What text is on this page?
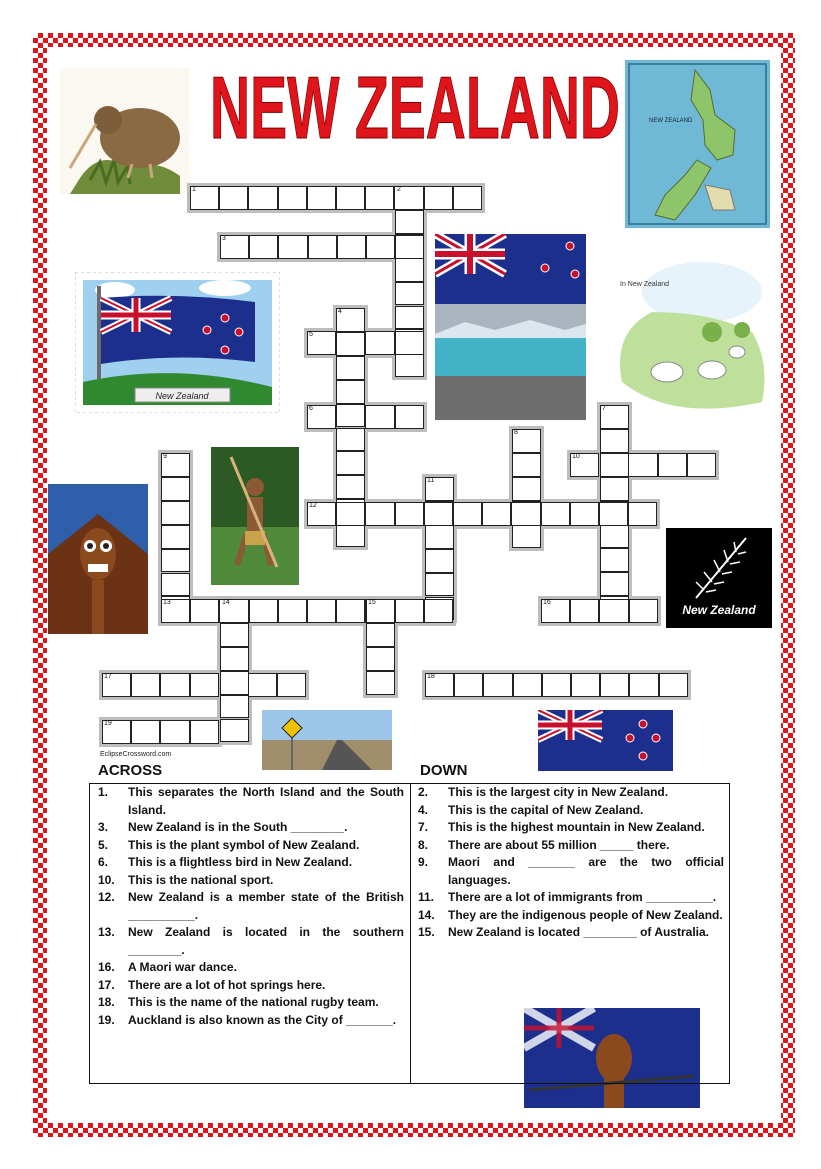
NEW ZEALAND	NEW ZEALAND
New Zealand
In New Zealand
New Zealand
1	2
3
4
5
6	7
8
9	10
11
12
13	14	15	16
17	18
19
EclipseCrossword.com
ACROSS	DOWN
1.	This separates the North Island and the South Island.
3.	New Zealand is in the South ________.
5.	This is the plant symbol of New Zealand.
6.	This is a flightless bird in New Zealand.
10.	This is the national sport.
12.	New Zealand is a member state of the British __________.
13.	New Zealand is located in the southern ________.
16.	A Maori war dance.
17.	There are a lot of hot springs here.
18.	This is the name of the national rugby team.
19.	Auckland is also known as the City of _______.
2.	This is the largest city in New Zealand.
4.	This is the capital of New Zealand.
7.	This is the highest mountain in New Zealand.
8.	There are about 55 million _____ there.
9.	Maori and _______ are the two official languages.
11.	There are a lot of immigrants from __________.
14.	They are the indigenous people of New Zealand.
15.	New Zealand is located ________ of Australia.
